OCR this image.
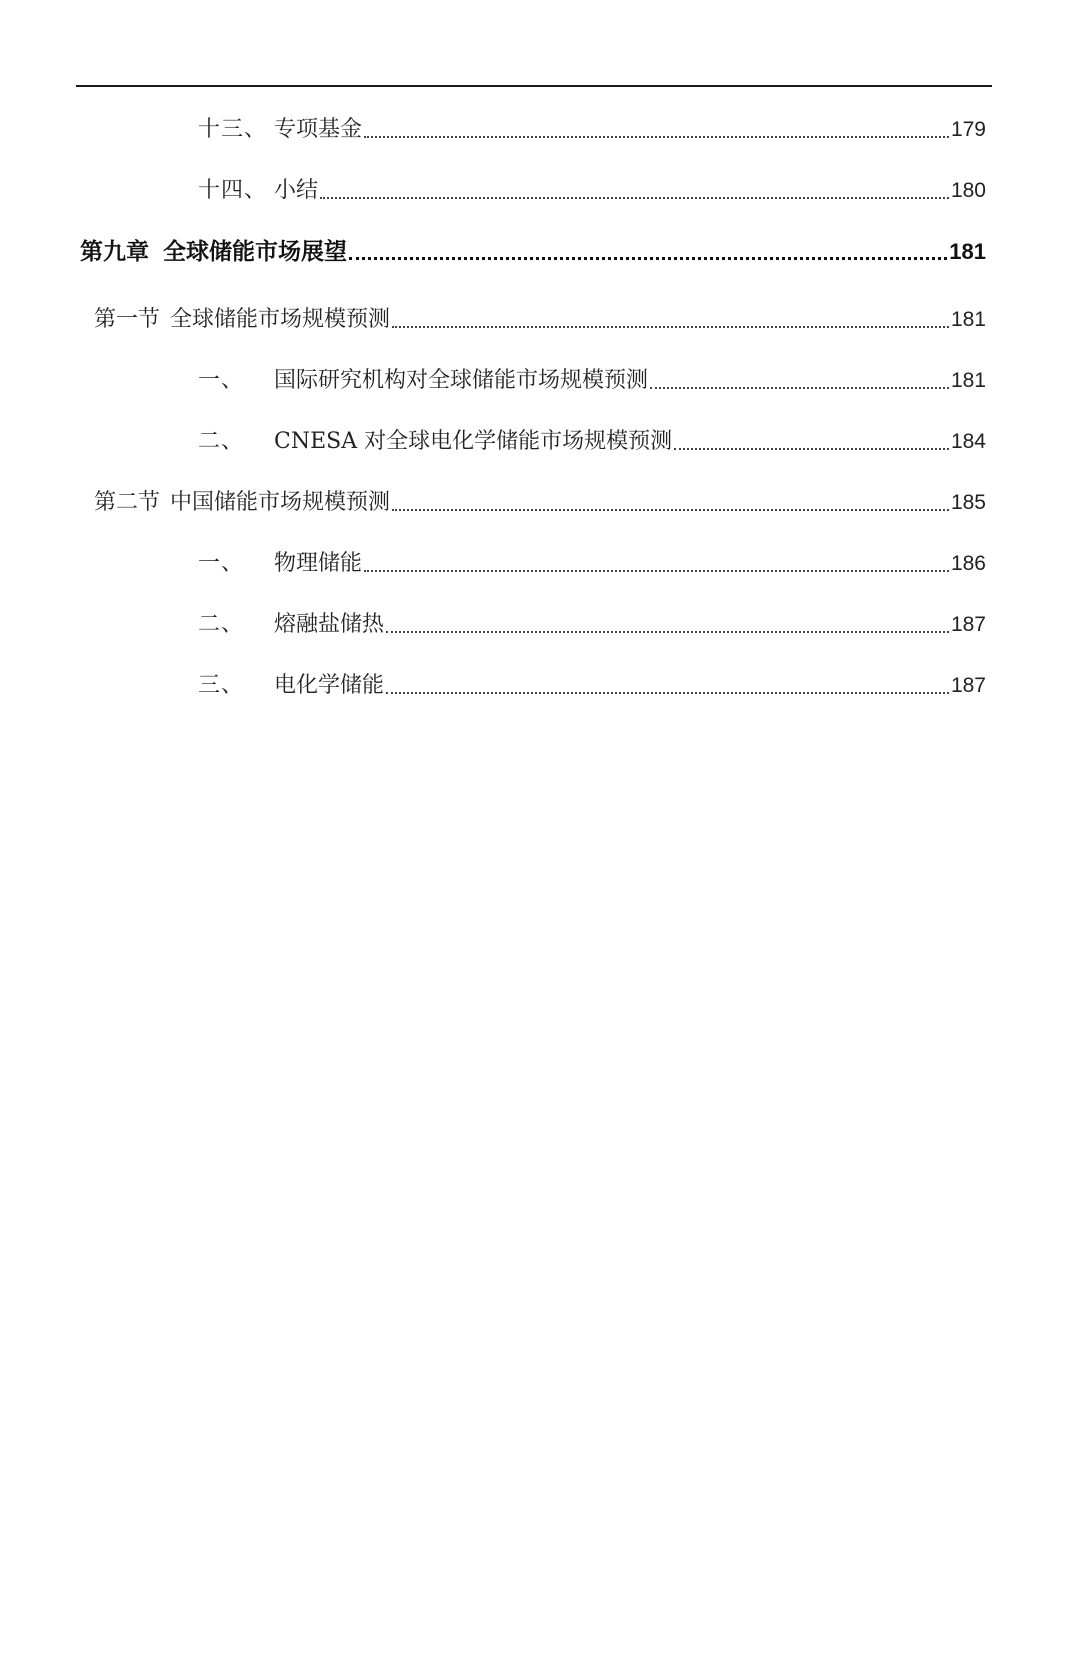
十三、 专项基金	179
十四、 小结	180
第九章 全球储能市场展望	181
第一节 全球储能市场规模预测	181
一、	国际研究机构对全球储能市场规模预测	181
二、	CNESA 对全球电化学储能市场规模预测	184
第二节 中国储能市场规模预测	185
一、	物理储能	186
二、	熔融盐储热	187
三、	电化学储能	187
